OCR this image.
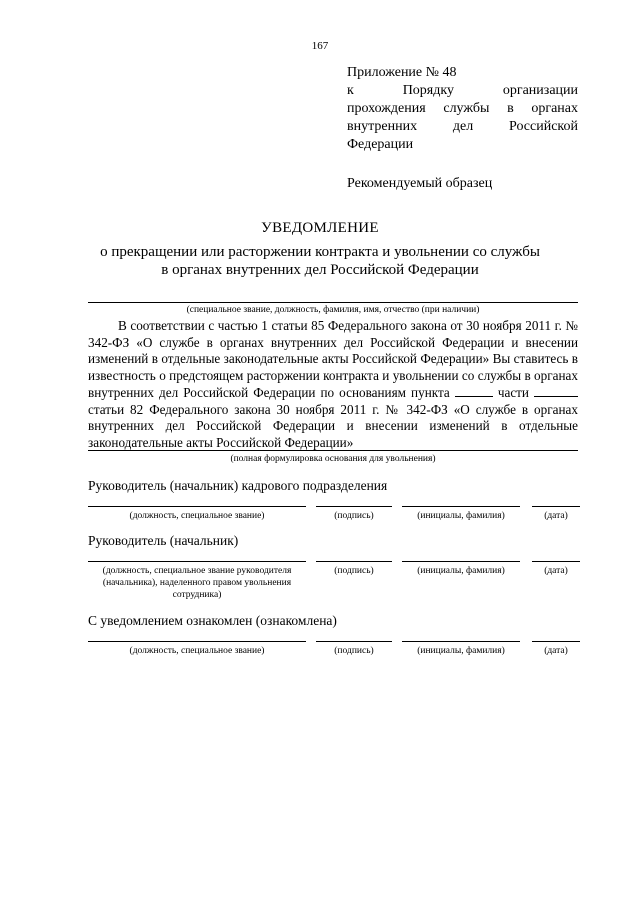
167
Приложение № 48
к	Порядку	организации
прохождения службы в органах
внутренних	дел	Российской
Федерации
Рекомендуемый образец
УВЕДОМЛЕНИЕ
о прекращении или расторжении контракта и увольнении со службы
в органах внутренних дел Российской Федерации
(специальное звание, должность, фамилия, имя, отчество (при наличии)
В соответствии с частью 1 статьи 85 Федерального закона от 30 ноября 2011 г. № 342-ФЗ «О службе в органах внутренних дел Российской Федерации и внесении изменений в отдельные законодательные акты Российской Федерации» Вы ставитесь в известность о предстоящем расторжении контракта и увольнении со службы в органах внутренних дел Российской Федерации по основаниям пункта	части  статьи 82 Федерального закона 30 ноября 2011 г. № 342-ФЗ «О службе в органах внутренних дел Российской Федерации и внесении изменений в отдельные законодательные акты Российской Федерации»
(полная формулировка основания для увольнения)
Руководитель (начальник) кадрового подразделения
(должность, специальное звание)	(подпись)	(инициалы, фамилия)	(дата)
Руководитель (начальник)
(должность, специальное звание руководителя
(начальника), наделенного правом увольнения
сотрудника)
(подпись)	(инициалы, фамилия)	(дата)
С уведомлением ознакомлен (ознакомлена)
(должность, специальное звание)	(подпись)	(инициалы, фамилия)	(дата)
